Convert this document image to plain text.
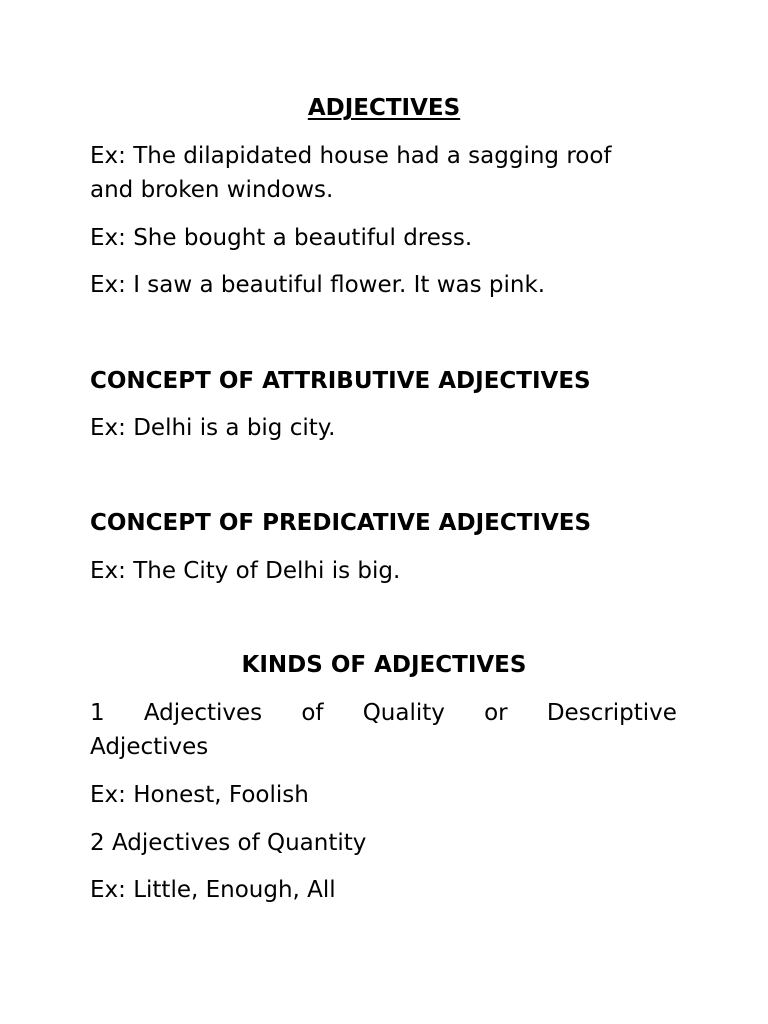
ADJECTIVES
Ex: The dilapidated house had a sagging roof
and broken windows.
Ex: She bought a beautiful dress.
Ex: I saw a beautiful flower. It was pink.
CONCEPT OF ATTRIBUTIVE ADJECTIVES
Ex: Delhi is a big city.
CONCEPT OF PREDICATIVE ADJECTIVES
Ex: The City of Delhi is big.
KINDS OF ADJECTIVES
1 Adjectives of Quality or Descriptive
Adjectives
Ex: Honest, Foolish
2 Adjectives of Quantity
Ex: Little, Enough, All
